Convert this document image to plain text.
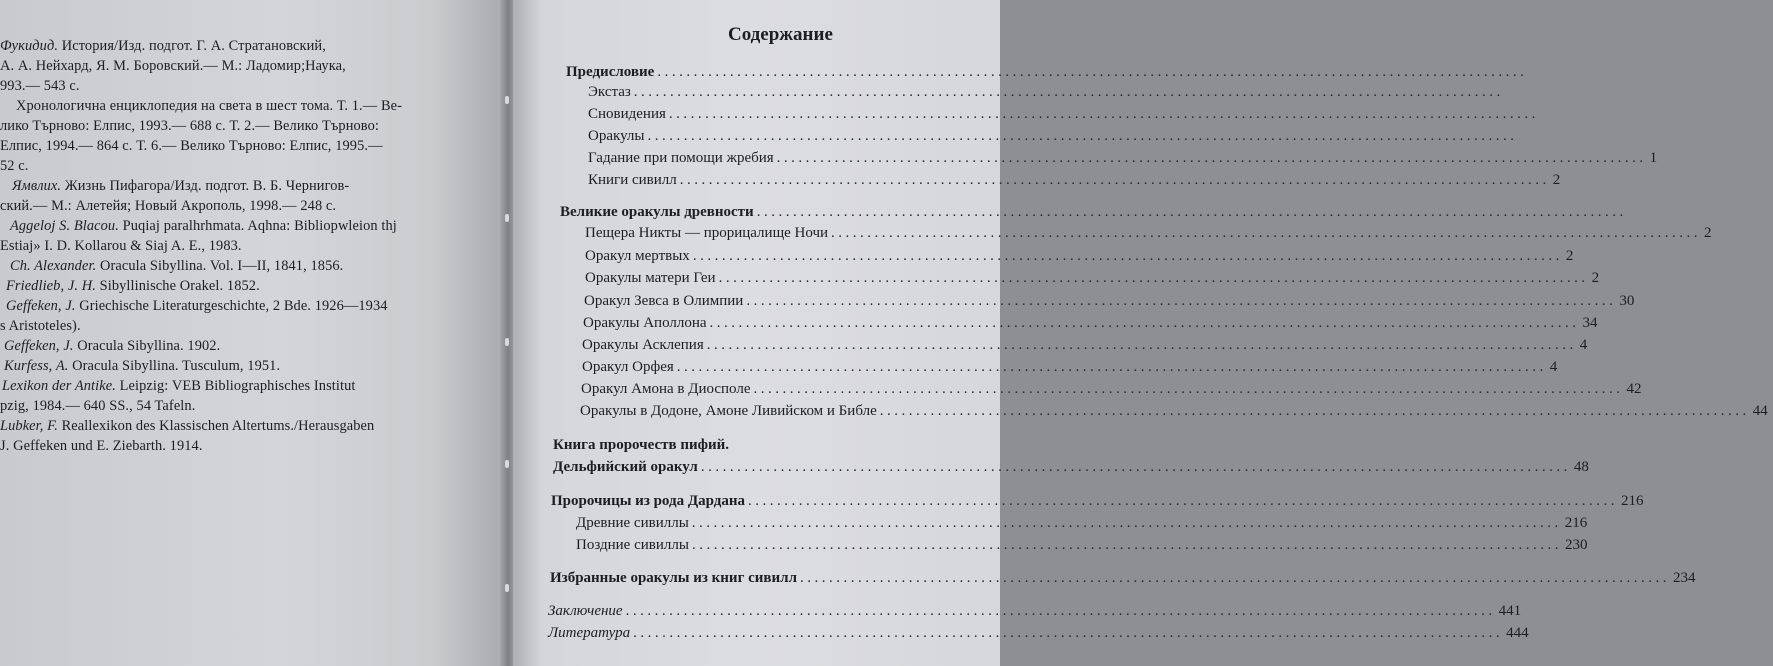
Фукидид. История/Изд. подгот. Г. А. Стратановский,
А. А. Нейхард, Я. М. Боровский.— М.: Ладомир;Наука,
993.— 543 с.
Хронологична енциклопедия на света в шест тома. Т. 1.— Ве-
лико Търново: Елпис, 1993.— 688 с. Т. 2.— Велико Търново:
Елпис, 1994.— 864 с. Т. 6.— Велико Търново: Елпис, 1995.—
52 с.
Ямвлих. Жизнь Пифагора/Изд. подгот. В. Б. Чернигов-
ский.— М.: Алетейя; Новый Акрополь, 1998.— 248 с.
Aggeloj S. Blacou. Puqiaj paralhrhmata. Aqhna: Bibliopwleion thj
Estiaj» I. D. Kollarou & Siaj A. E., 1983.
Ch. Alexander. Oracula Sibyllina. Vol. I—II, 1841, 1856.
Friedlieb, J. H. Sibyllinische Orakel. 1852.
Geffeken, J. Griechische Literaturgeschichte, 2 Bde. 1926—1934
s Aristoteles).
Geffeken, J. Oracula Sibyllina. 1902.
Kurfess, A. Oracula Sibyllina. Tusculum, 1951.
Lexikon der Antike. Leipzig: VEB Bibliographisches Institut
pzig, 1984.— 640 SS., 54 Tafeln.
Lubker, F. Reallexikon des Klassischen Altertums./Herausgaben
J. Geffeken und E. Ziebarth. 1914.
Содержание
Предисловие ........................................................................................................................
Экстаз ........................................................................................................................
Сновидения ........................................................................................................................
Оракулы ........................................................................................................................
Гадание при помощи жребия ........................................................................................................................ 1
Книги сивилл ........................................................................................................................ 2
Великие оракулы древности ........................................................................................................................
Пещера Никты — прорицалище Ночи ........................................................................................................................ 2
Оракул мертвых ........................................................................................................................ 2
Оракулы матери Геи ........................................................................................................................ 2
Оракул Зевса в Олимпии ........................................................................................................................ 30
Оракулы Аполлона ........................................................................................................................ 34
Оракулы Асклепия ........................................................................................................................ 4
Оракул Орфея ........................................................................................................................ 4
Оракул Амона в Диосполе ........................................................................................................................ 42
Оракулы в Додоне, Амоне Ливийском и Библе ........................................................................................................................ 44
Книга пророчеств пифий.
Дельфийский оракул ........................................................................................................................ 48
Пророчицы из рода Дардана ........................................................................................................................ 216
Древние сивиллы ........................................................................................................................ 216
Поздние сивиллы ........................................................................................................................ 230
Избранные оракулы из книг сивилл ........................................................................................................................ 234
Заключение ........................................................................................................................ 441
Литература ........................................................................................................................ 444
